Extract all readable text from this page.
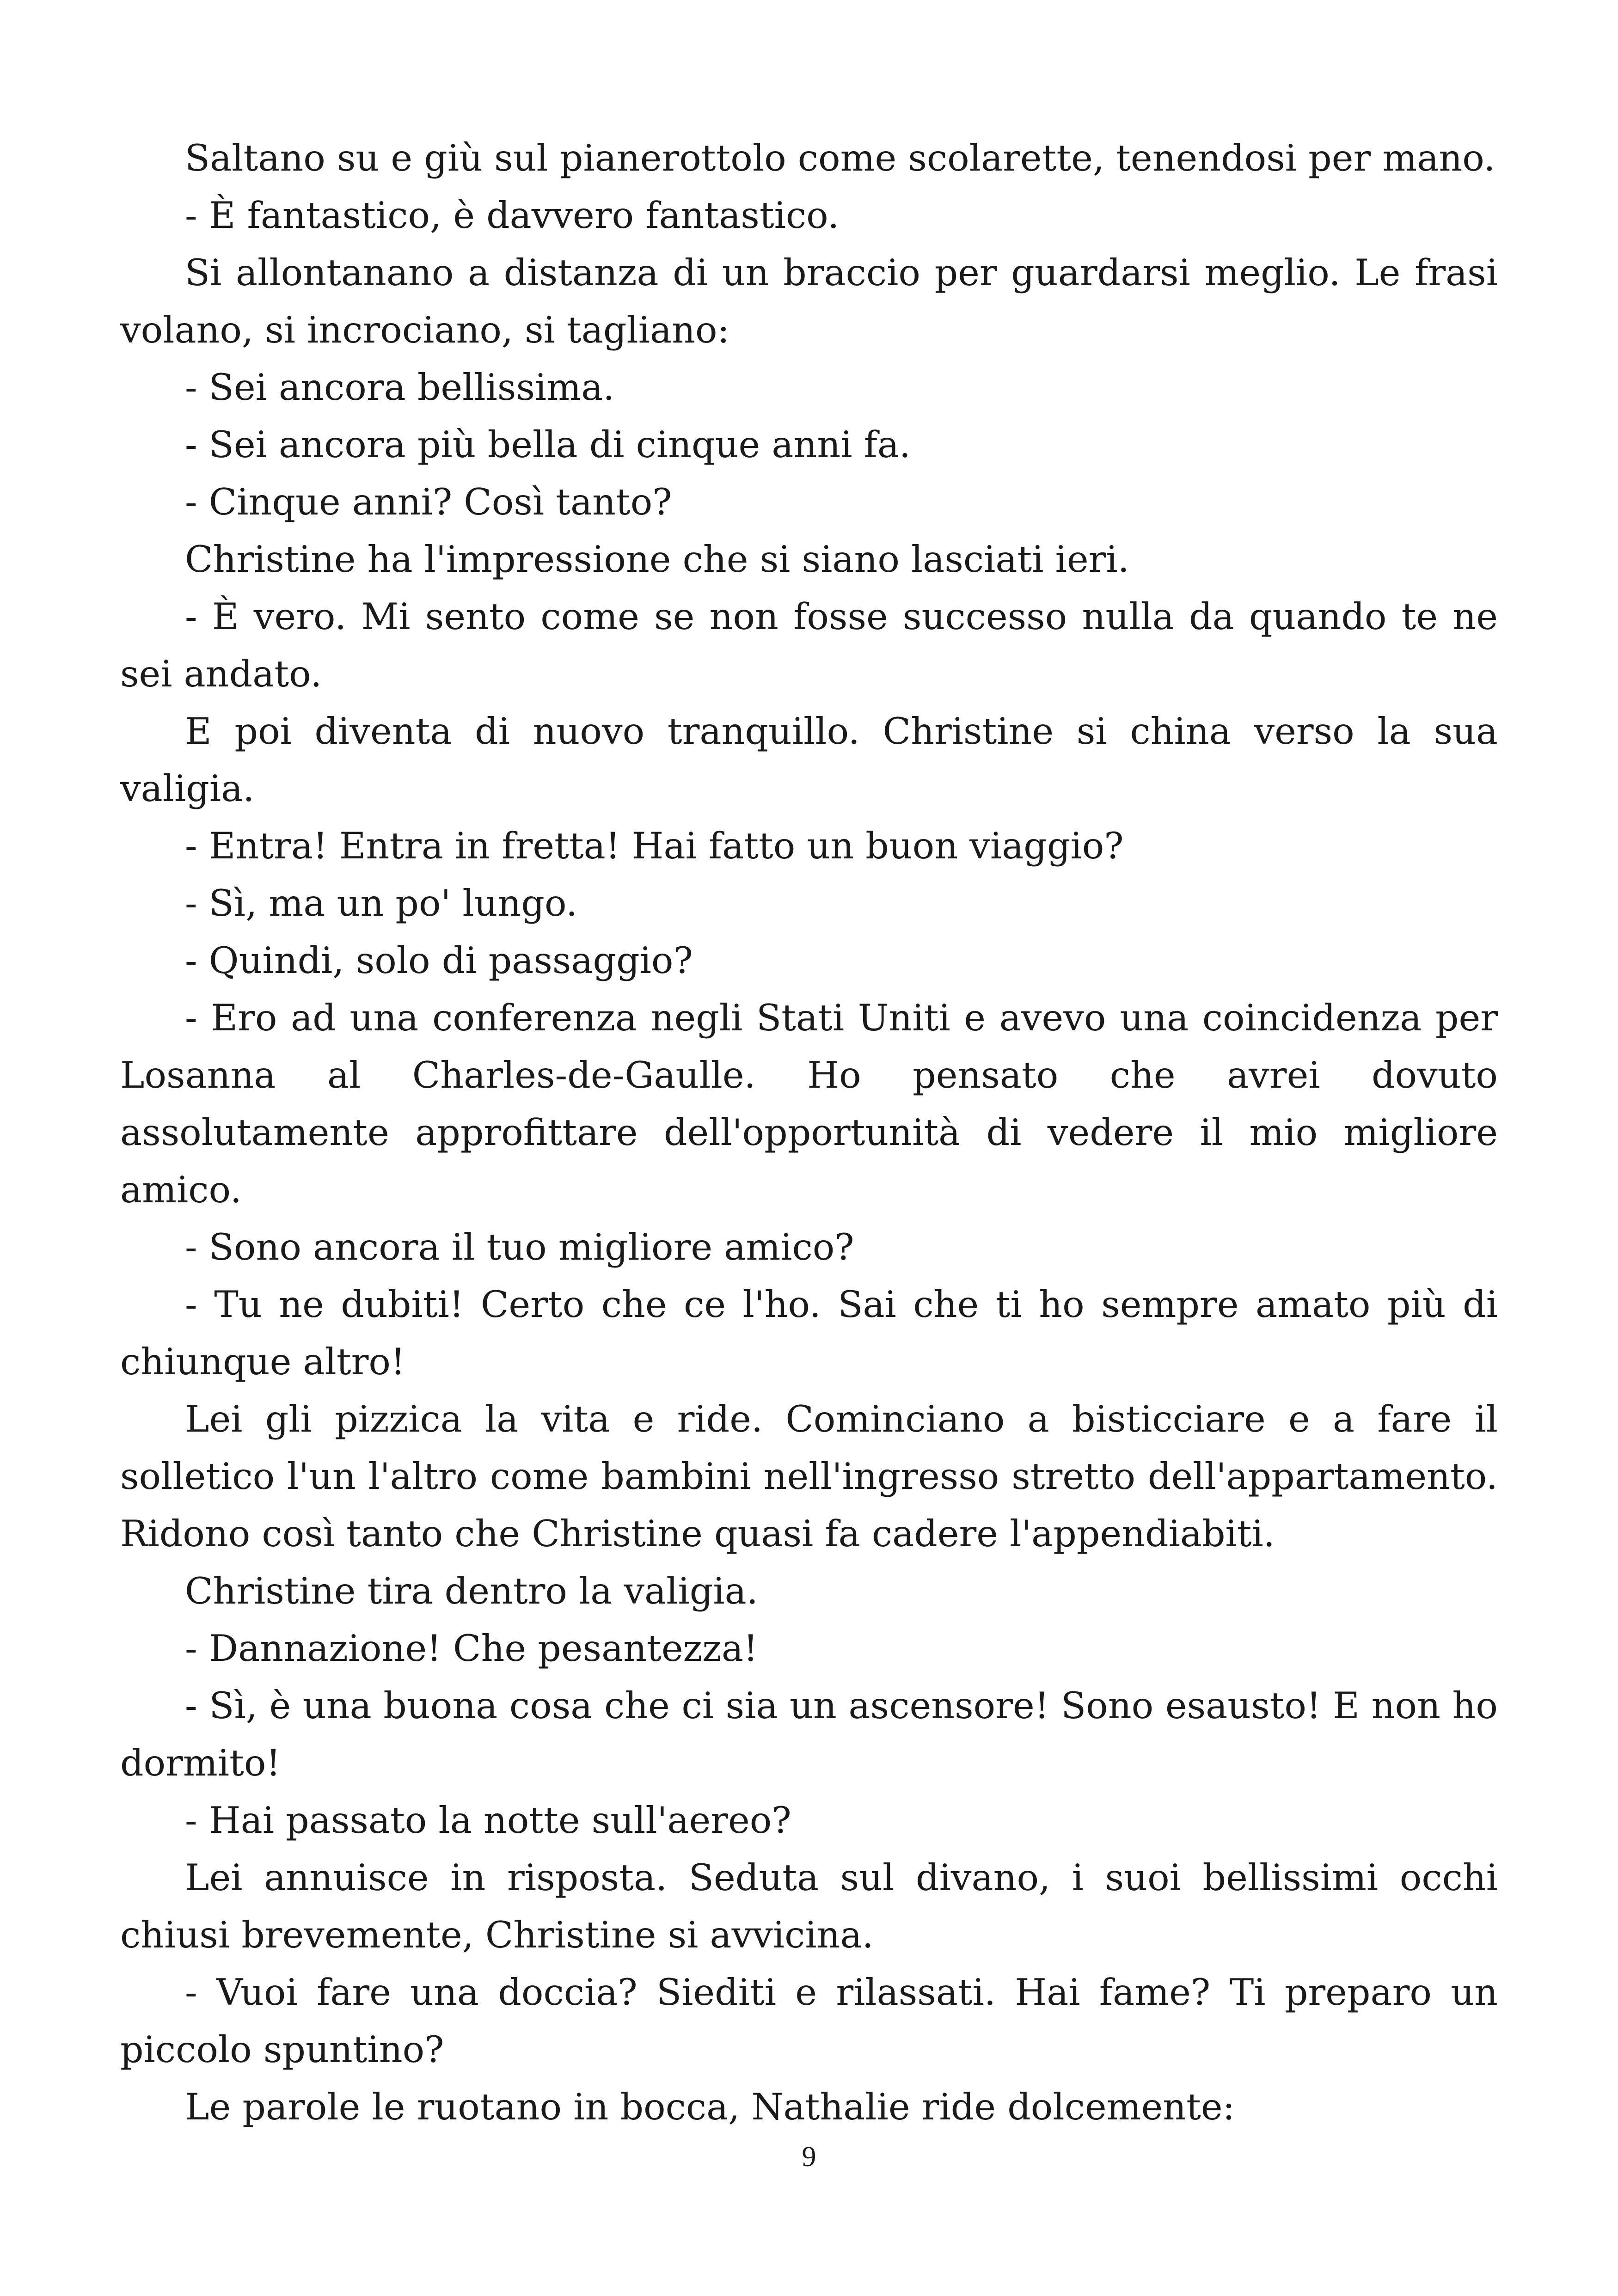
Saltano su e giù sul pianerottolo come scolarette, tenendosi per mano.

- È fantastico, è davvero fantastico.

Si allontanano a distanza di un braccio per guardarsi meglio. Le frasi volano, si incrociano, si tagliano:

- Sei ancora bellissima.

- Sei ancora più bella di cinque anni fa.

- Cinque anni? Così tanto?

Christine ha l'impressione che si siano lasciati ieri.

- È vero. Mi sento come se non fosse successo nulla da quando te ne sei andato.

E poi diventa di nuovo tranquillo. Christine si china verso la sua valigia.

- Entra! Entra in fretta! Hai fatto un buon viaggio?

- Sì, ma un po' lungo.

- Quindi, solo di passaggio?

- Ero ad una conferenza negli Stati Uniti e avevo una coincidenza per Losanna al Charles-de-Gaulle. Ho pensato che avrei dovuto assolutamente approfittare dell'opportunità di vedere il mio migliore amico.

- Sono ancora il tuo migliore amico?

- Tu ne dubiti! Certo che ce l'ho. Sai che ti ho sempre amato più di chiunque altro!

Lei gli pizzica la vita e ride. Cominciano a bisticciare e a fare il solletico l'un l'altro come bambini nell'ingresso stretto dell'appartamento. Ridono così tanto che Christine quasi fa cadere l'appendiabiti.

Christine tira dentro la valigia.

- Dannazione! Che pesantezza!

- Sì, è una buona cosa che ci sia un ascensore! Sono esausto! E non ho dormito!

- Hai passato la notte sull'aereo?

Lei annuisce in risposta. Seduta sul divano, i suoi bellissimi occhi chiusi brevemente, Christine si avvicina.

- Vuoi fare una doccia? Siediti e rilassati. Hai fame? Ti preparo un piccolo spuntino?

Le parole le ruotano in bocca, Nathalie ride dolcemente:

9
